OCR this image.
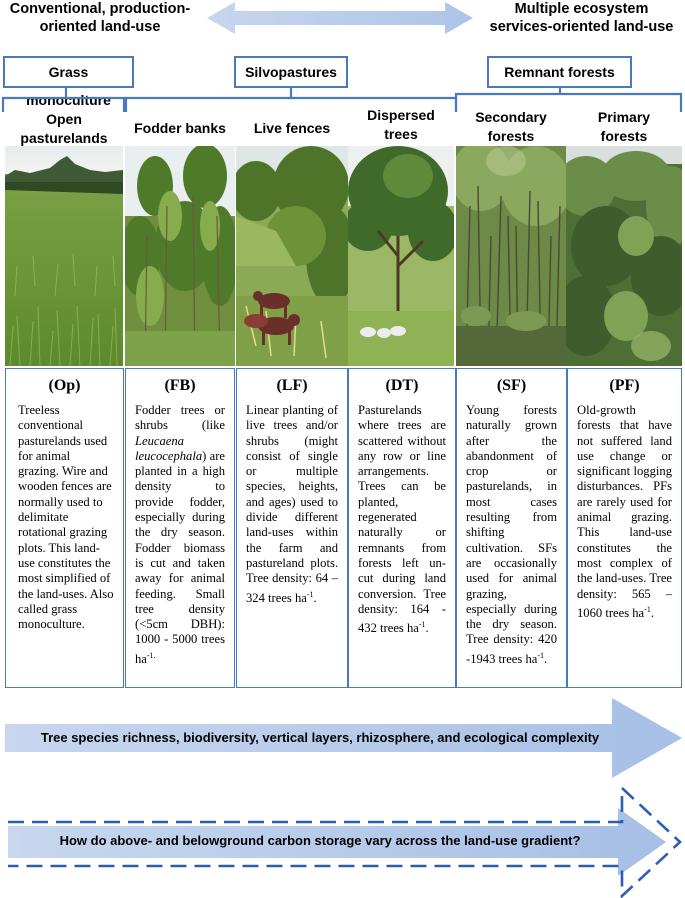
Conventional, production-
oriented land-use
Multiple ecosystem
services-oriented land-use
Grass monoculture
Silvopastures	Remnant forests
Open
pasturelands
Fodder banks	Live fences
Dispersed
trees
Secondary
forests
Primary
forests
(Op)
Treeless conventional pasturelands used for animal grazing. Wire and wooden fences are normally used to delimitate rotational grazing plots. This land-use constitutes the most simplified of the land-uses. Also called grass monoculture.
(FB)
Fodder trees or shrubs (like Leucaena leucocephala) are planted in a high density to provide fodder, especially during the dry season. Fodder biomass is cut and taken away for animal feeding. Small tree density (<5cm DBH): 1000 - 5000 trees $ha^{-1.}$
(LF)
Linear planting of live trees and/or shrubs (might consist of single or multiple species, heights, and ages) used to divide different land-uses within the farm and pastureland plots. Tree density: 64 – 324 trees $ha^{-1}$.
(DT)
Pasturelands where trees are scattered without any row or line arrangements. Trees can be planted, regenerated naturally or remnants from forests left un-cut during land conversion. Tree density: 164 - 432 trees $ha^{-1}$.
(SF)
Young forests naturally grown after the abandonment of crop or pasturelands, in most cases resulting from shifting cultivation. SFs are occasionally used for animal grazing, especially during the dry season. Tree density: 420 -1943 trees $ha^{-1}$.
(PF)
Old-growth forests that have not suffered land use change or significant logging disturbances. PFs are rarely used for animal grazing. This land-use constitutes the most complex of the land-uses. Tree density: 565 – 1060 trees $ha^{-1}$.
Tree species richness, biodiversity, vertical layers, rhizosphere, and ecological complexity
How do above- and belowground carbon storage vary across the land-use gradient?
